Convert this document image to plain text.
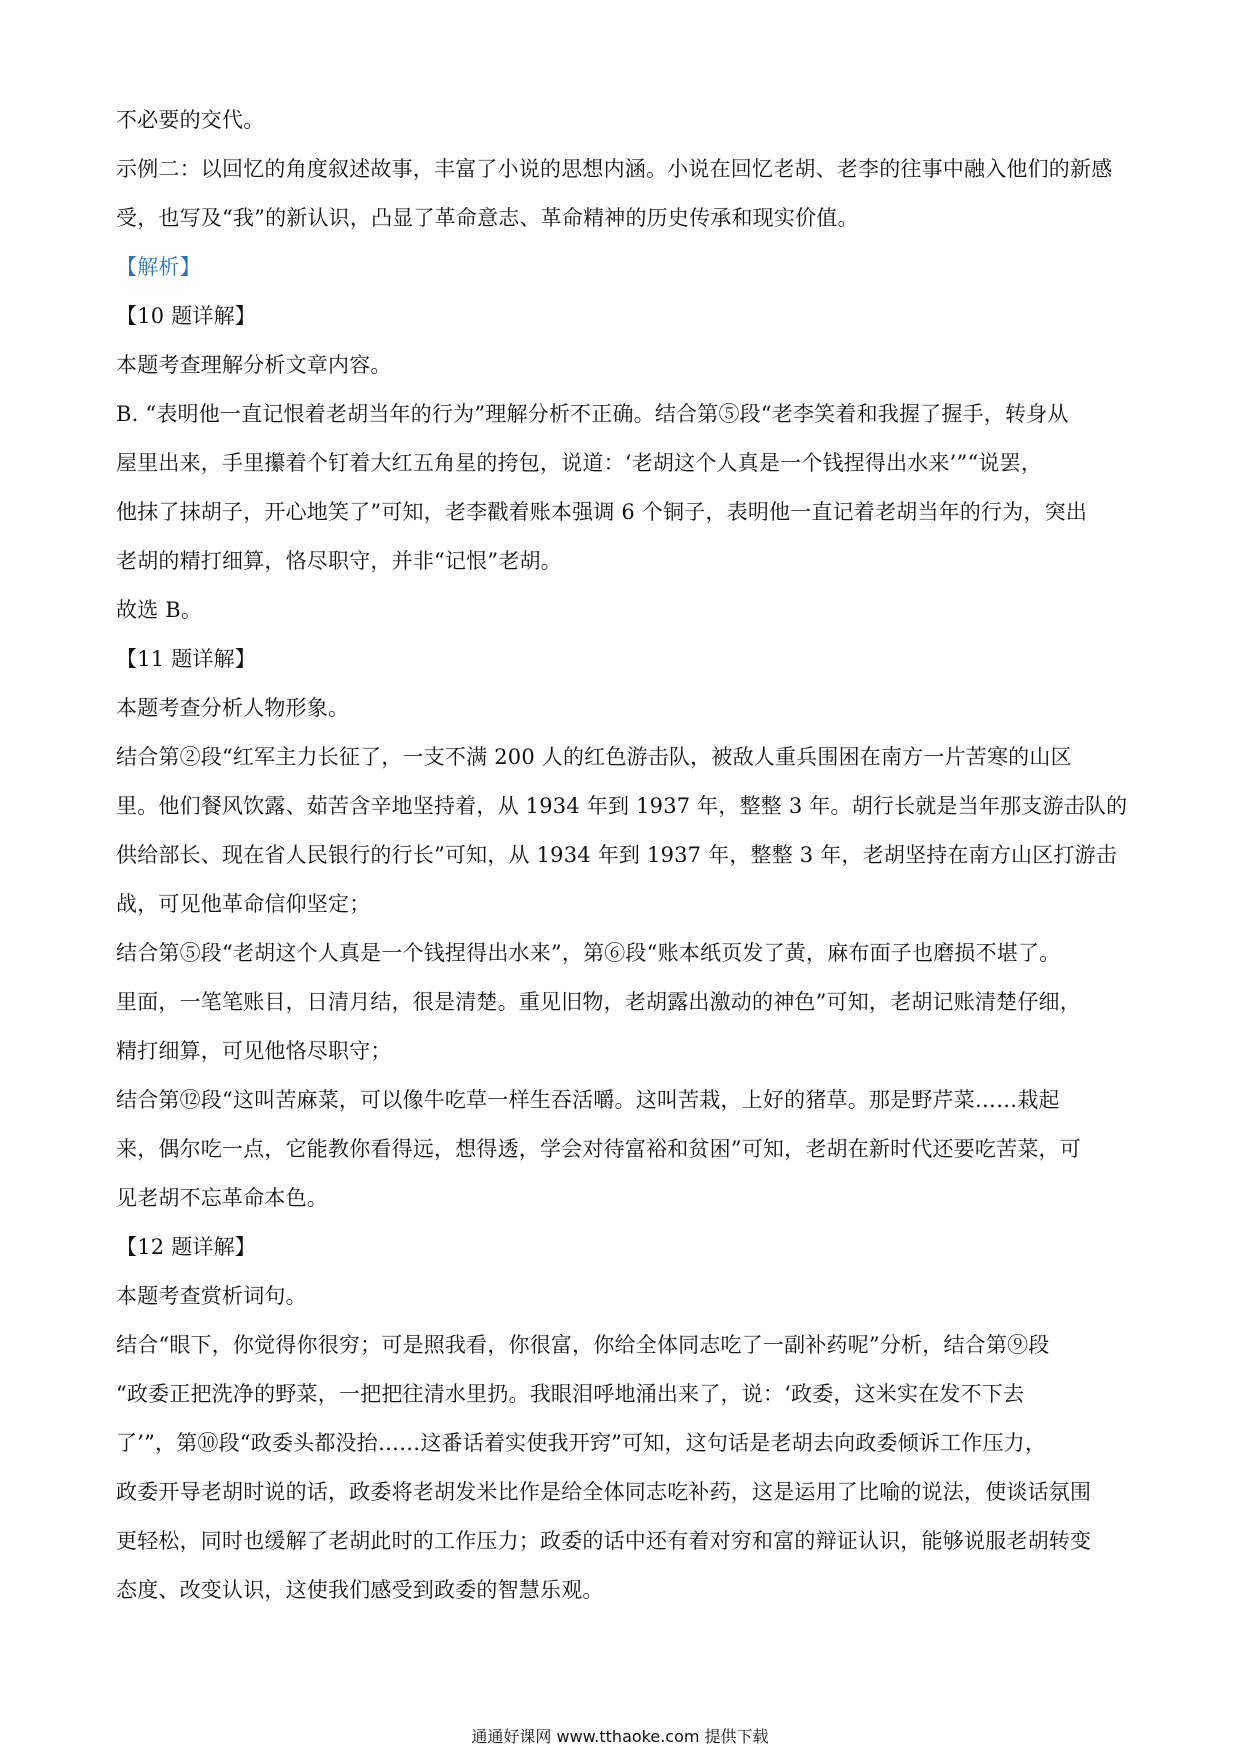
不必要的交代。
示例二：以回忆的角度叙述故事，丰富了小说的思想内涵。小说在回忆老胡、老李的往事中融入他们的新感
受，也写及“我”的新认识，凸显了革命意志、革命精神的历史传承和现实价值。
【解析】
【10 题详解】
本题考查理解分析文章内容。
B. “表明他一直记恨着老胡当年的行为”理解分析不正确。结合第⑤段“老李笑着和我握了握手，转身从
屋里出来，手里攥着个钉着大红五角星的挎包，说道：‘老胡这个人真是一个钱捏得出水来’”“说罢，
他抹了抹胡子，开心地笑了”可知，老李戳着账本强调 6 个铜子，表明他一直记着老胡当年的行为，突出
老胡的精打细算，恪尽职守，并非“记恨”老胡。
故选 B。
【11 题详解】
本题考查分析人物形象。
结合第②段“红军主力长征了，一支不满 200 人的红色游击队，被敌人重兵围困在南方一片苦寒的山区
里。他们餐风饮露、茹苦含辛地坚持着，从 1934 年到 1937 年，整整 3 年。胡行长就是当年那支游击队的
供给部长、现在省人民银行的行长”可知，从 1934 年到 1937 年，整整 3 年，老胡坚持在南方山区打游击
战，可见他革命信仰坚定；
结合第⑤段“老胡这个人真是一个钱捏得出水来”，第⑥段“账本纸页发了黄，麻布面子也磨损不堪了。
里面，一笔笔账目，日清月结，很是清楚。重见旧物，老胡露出激动的神色”可知，老胡记账清楚仔细，
精打细算，可见他恪尽职守；
结合第⑫段“这叫苦麻菜，可以像牛吃草一样生吞活嚼。这叫苦栽，上好的猪草。那是野芹菜……栽起
来，偶尔吃一点，它能教你看得远，想得透，学会对待富裕和贫困”可知，老胡在新时代还要吃苦菜，可
见老胡不忘革命本色。
【12 题详解】
本题考查赏析词句。
结合“眼下，你觉得你很穷；可是照我看，你很富，你给全体同志吃了一副补药呢”分析，结合第⑨段
“政委正把洗净的野菜，一把把往清水里扔。我眼泪呼地涌出来了，说：‘政委，这米实在发不下去
了’”，第⑩段“政委头都没抬……这番话着实使我开窍”可知，这句话是老胡去向政委倾诉工作压力，
政委开导老胡时说的话，政委将老胡发米比作是给全体同志吃补药，这是运用了比喻的说法，使谈话氛围
更轻松，同时也缓解了老胡此时的工作压力；政委的话中还有着对穷和富的辩证认识，能够说服老胡转变
态度、改变认识，这使我们感受到政委的智慧乐观。
通通好课网 www.tthaoke.com 提供下载
